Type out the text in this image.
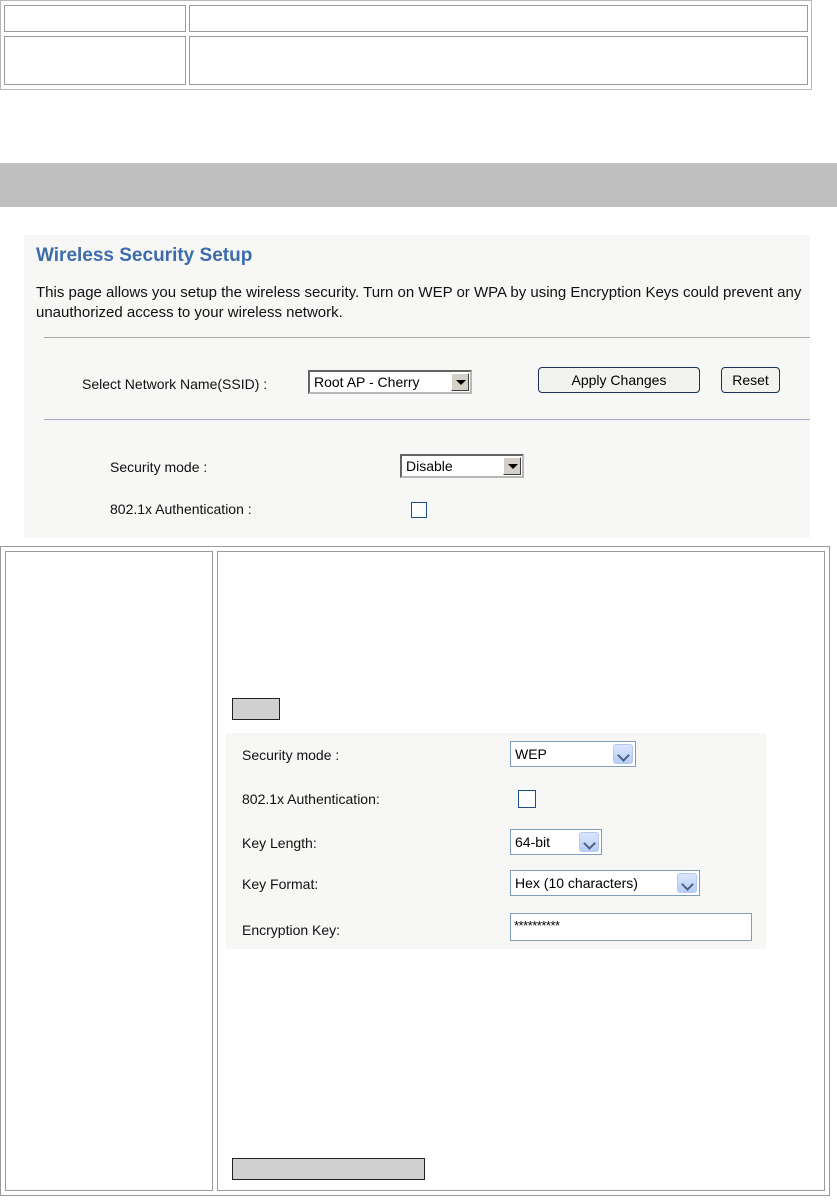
Wireless Security Setup
This page allows you setup the wireless security. Turn on WEP or WPA by using Encryption Keys could prevent any unauthorized access to your wireless network.
Select Network Name(SSID) :	Root AP - Cherry	Apply Changes	Reset
Security mode :	Disable
802.1x Authentication :
Security mode :	WEP
802.1x Authentication:
Key Length:	64-bit
Key Format:	Hex (10 characters)
Encryption Key:	**********
